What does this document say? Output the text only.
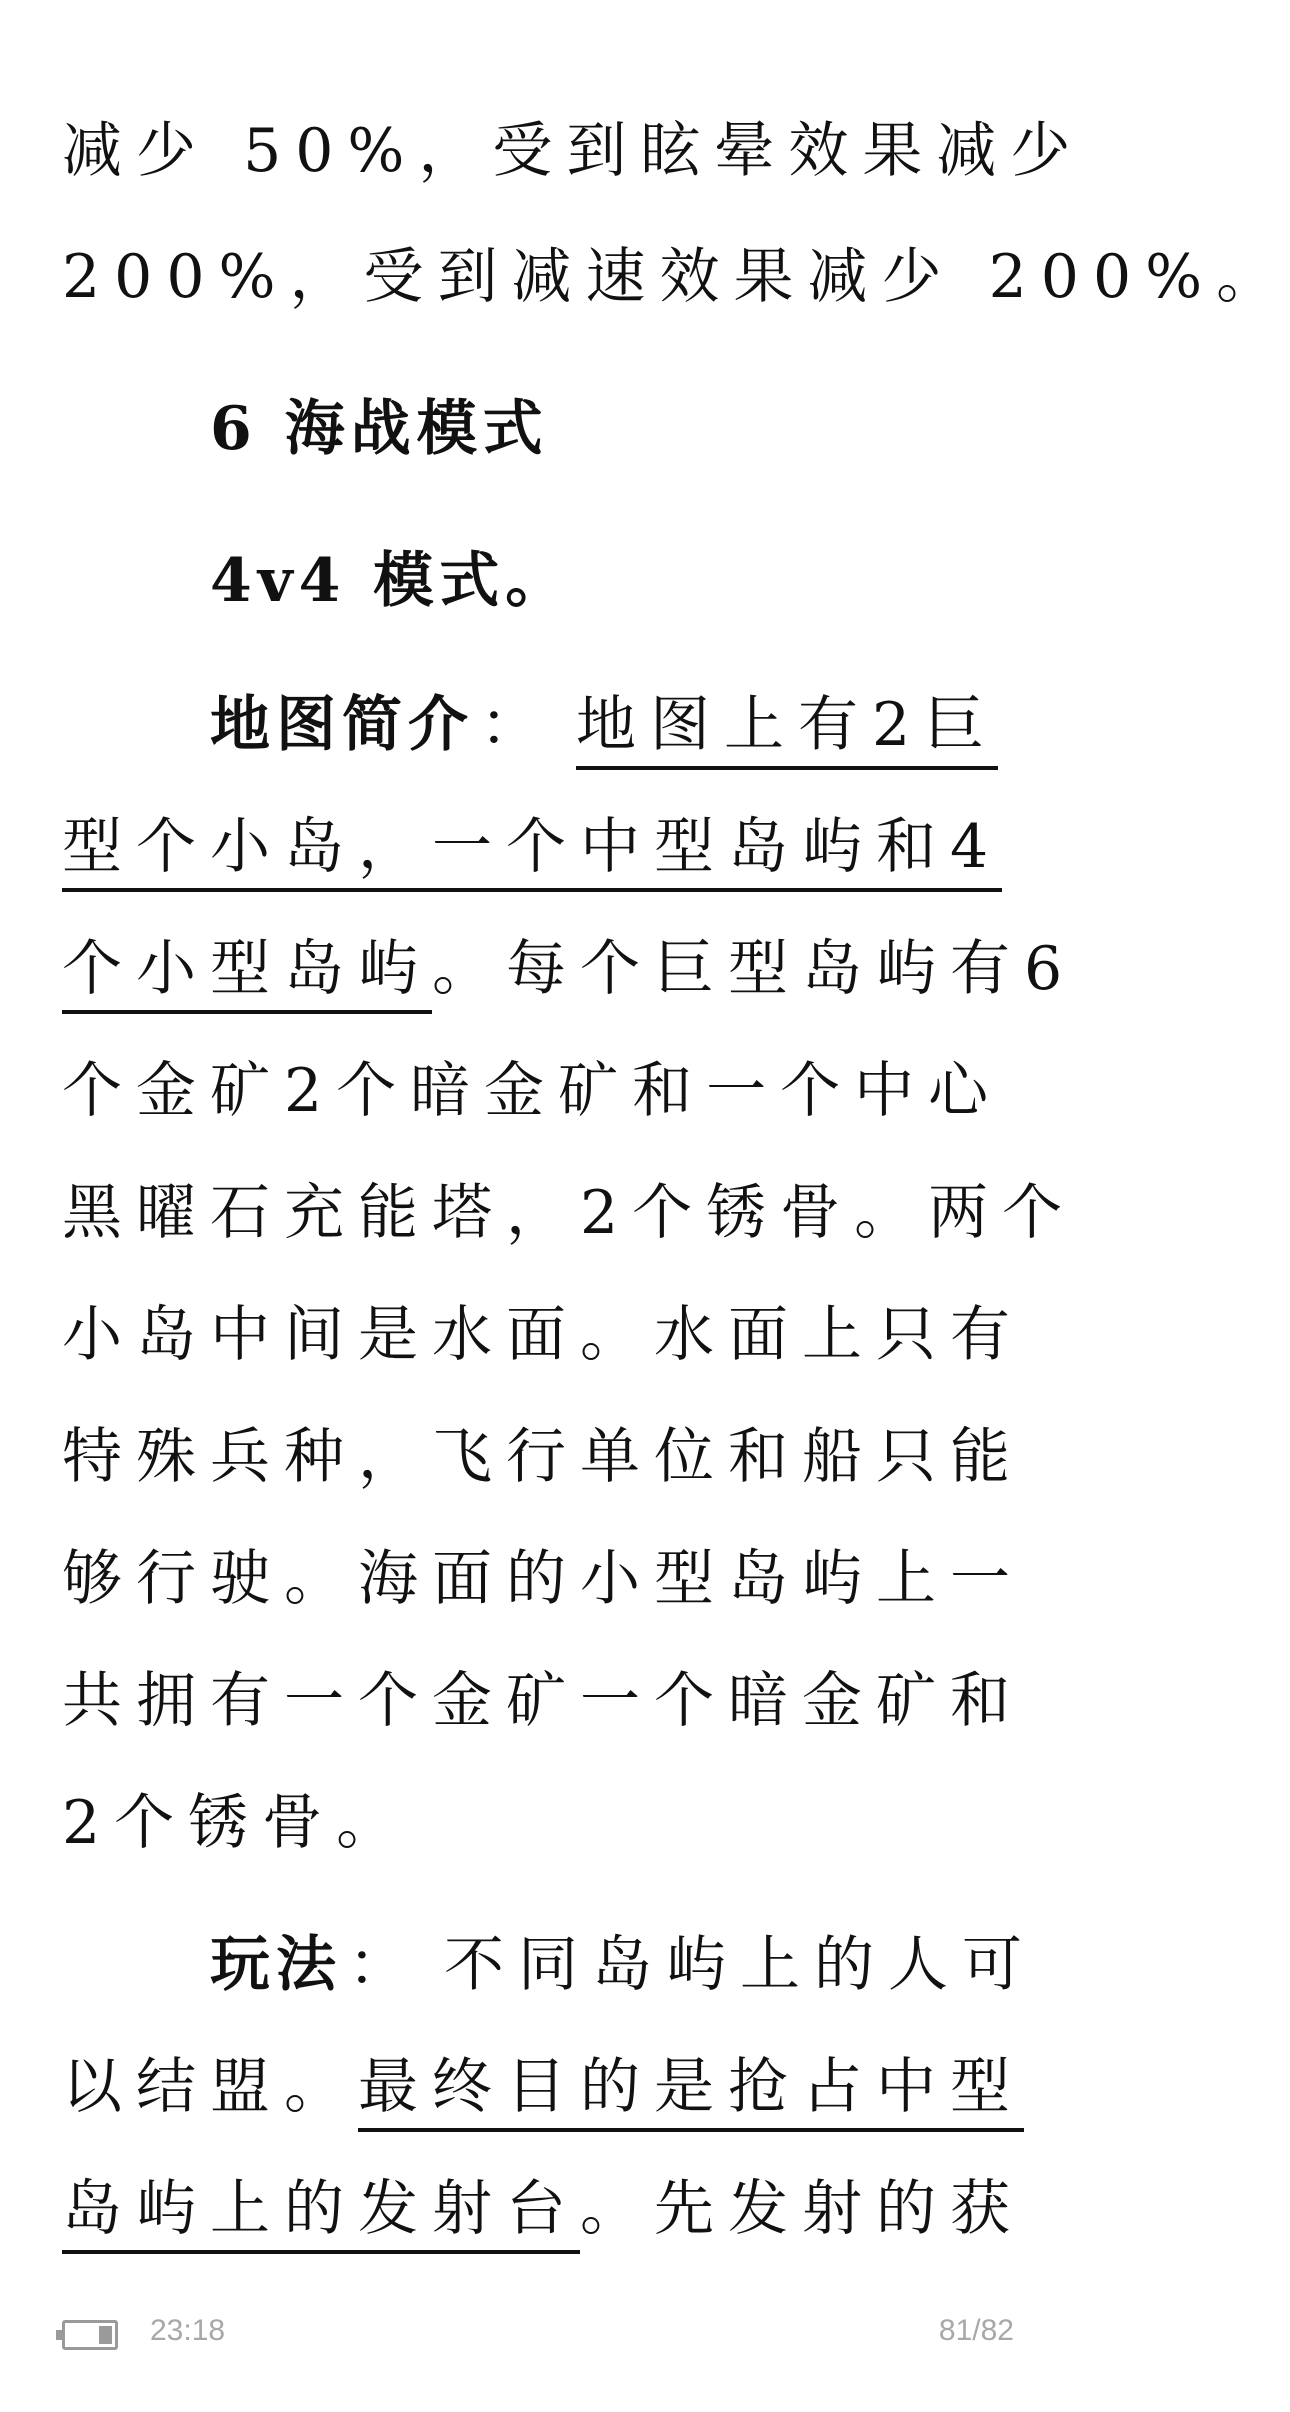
减少 50%，受到眩晕效果减少
200%，受到减速效果减少 200%。
6 海战模式
4v4 模式。
地图简介 ： 地图上有2巨
型个小岛，一个中型岛屿和4
个小型岛屿。每个巨型岛屿有6
个金矿2个暗金矿和一个中心
黑曜石充能塔，2个锈骨。两个
小岛中间是水面。水面上只有
特殊兵种，飞行单位和船只能
够行驶。海面的小型岛屿上一
共拥有一个金矿一个暗金矿和
2个锈骨。
玩法 ： 不同岛屿上的人可
以结盟。最终目的是抢占中型
岛屿上的发射台。先发射的获
23:18	81/82
